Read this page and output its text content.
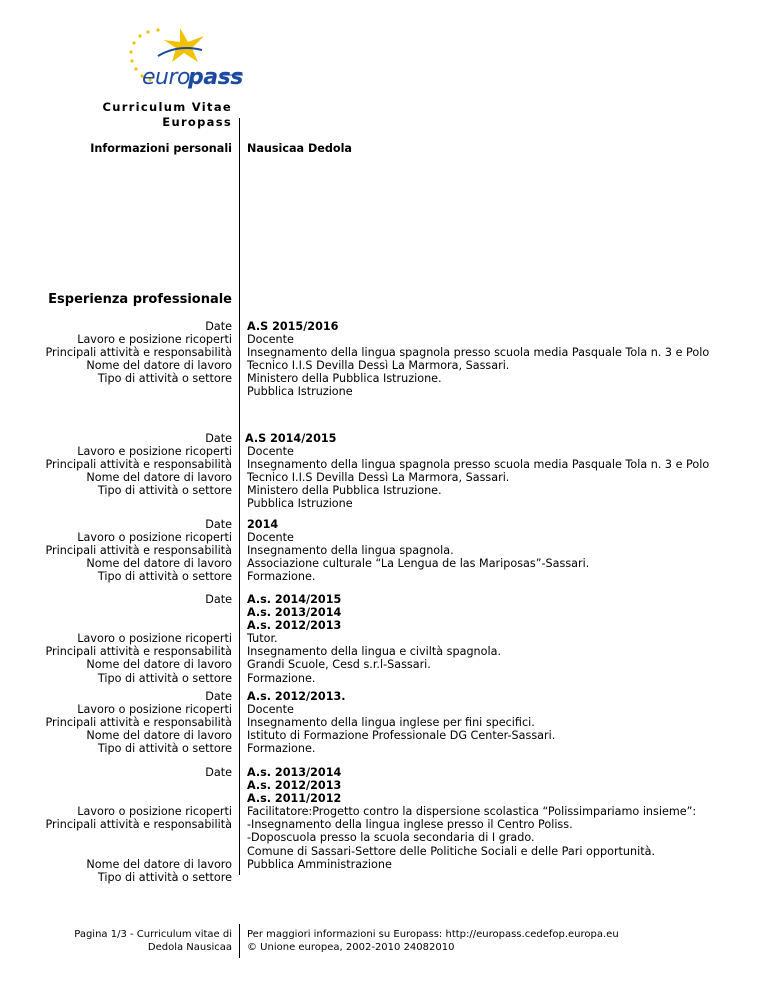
euro
pass
Curriculum Vitae
Europass
Informazioni personali Nausicaa Dedola
Esperienza professionale
Date
Lavoro e posizione ricoperti
Principali attività e responsabilità
Nome del datore di lavoro
Tipo di attività o settore
A.S 2015/2016
Docente
Insegnamento della lingua spagnola presso scuola media Pasquale Tola n. 3 e Polo
Tecnico I.I.S Devilla Dessì La Marmora, Sassari.
Ministero della Pubblica Istruzione.
Pubblica Istruzione
Date
Lavoro e posizione ricoperti
Principali attività e responsabilità
Nome del datore di lavoro
Tipo di attività o settore
A.S 2014/2015
Docente
Insegnamento della lingua spagnola presso scuola media Pasquale Tola n. 3 e Polo
Tecnico I.I.S Devilla Dessì La Marmora, Sassari.
Ministero della Pubblica Istruzione.
Pubblica Istruzione
Date
Lavoro o posizione ricoperti
Principali attività e responsabilità
Nome del datore di lavoro
Tipo di attività o settore
2014
Docente
Insegnamento della lingua spagnola.
Associazione culturale “La Lengua de las Mariposas”-Sassari.
Formazione.
Date
Lavoro o posizione ricoperti
Principali attività e responsabilità
Nome del datore di lavoro
Tipo di attività o settore
A.s. 2014/2015
A.s. 2013/2014
A.s. 2012/2013
Tutor.
Insegnamento della lingua e civiltà spagnola.
Grandi Scuole, Cesd s.r.l-Sassari.
Formazione.
Date
Lavoro o posizione ricoperti
Principali attività e responsabilità
Nome del datore di lavoro
Tipo di attività o settore
A.s. 2012/2013.
Docente
Insegnamento della lingua inglese per fini specifici.
Istituto di Formazione Professionale DG Center-Sassari.
Formazione.
Date
Lavoro o posizione ricoperti
Principali attività e responsabilità
Nome del datore di lavoro
Tipo di attività o settore
A.s. 2013/2014
A.s. 2012/2013
A.s. 2011/2012
Facilitatore:Progetto contro la dispersione scolastica “Polissimpariamo insieme”:
-Insegnamento della lingua inglese presso il Centro Poliss.
-Doposcuola presso la scuola secondaria di I grado.
Comune di Sassari-Settore delle Politiche Sociali e delle Pari opportunità.
Pubblica Amministrazione
Pagina 1/3 - Curriculum vitae di
Dedola Nausicaa
Per maggiori informazioni su Europass: http://europass.cedefop.europa.eu
© Unione europea, 2002-2010 24082010
